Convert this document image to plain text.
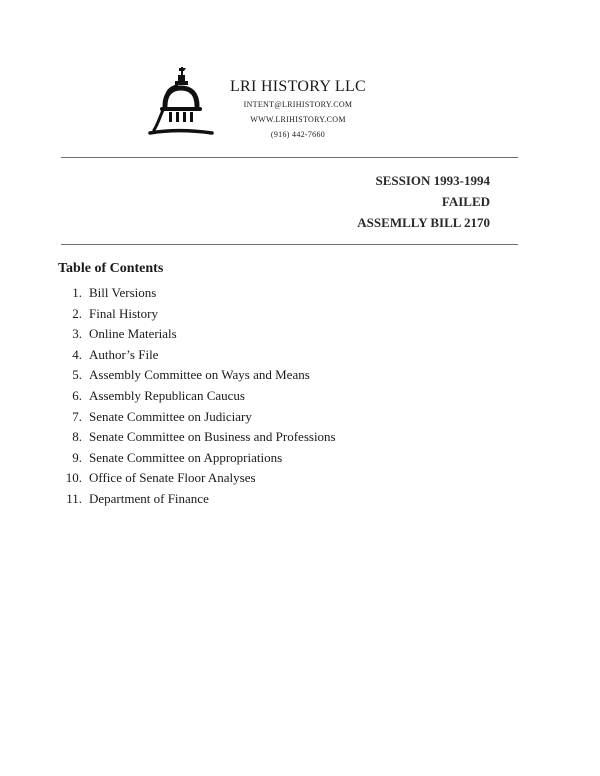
LRI HISTORY LLC
INTENT@LRIHISTORY.COM
WWW.LRIHISTORY.COM
(916) 442-7660
SESSION 1993-1994
FAILED
ASSEMLLY BILL 2170
Table of Contents
1. Bill Versions
2. Final History
3. Online Materials
4. Author’s File
5. Assembly Committee on Ways and Means
6. Assembly Republican Caucus
7. Senate Committee on Judiciary
8. Senate Committee on Business and Professions
9. Senate Committee on Appropriations
10. Office of Senate Floor Analyses
11. Department of Finance
